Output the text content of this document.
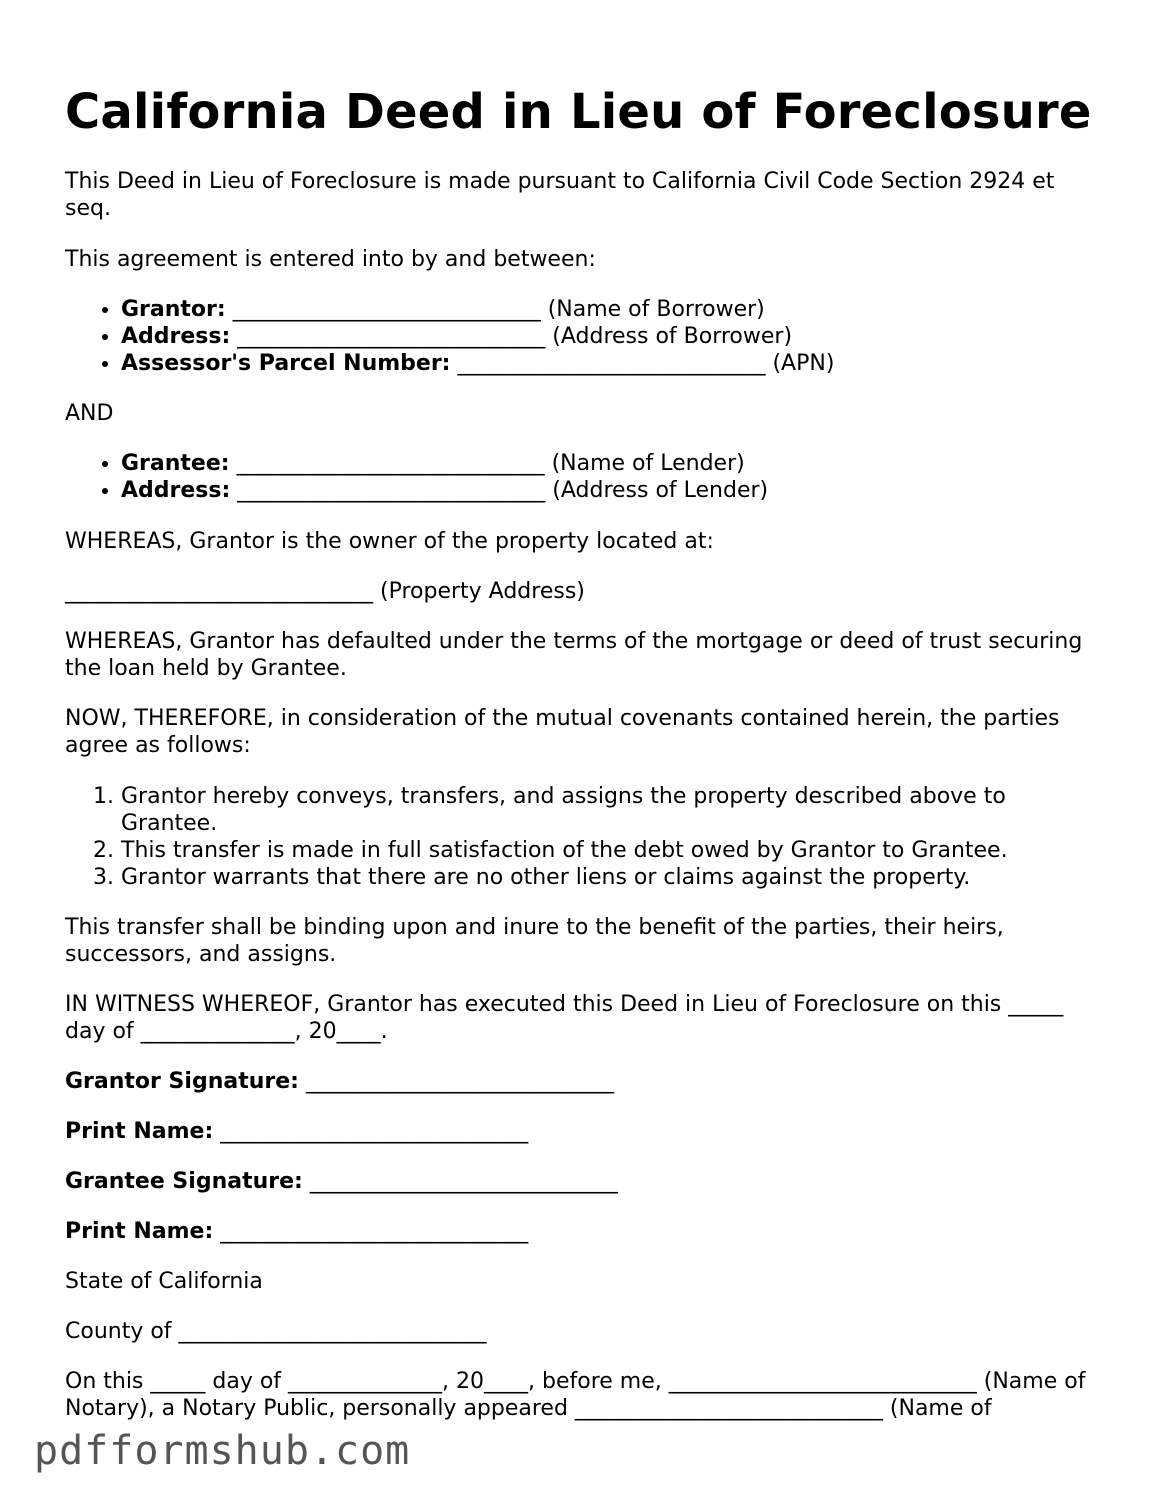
California Deed in Lieu of Foreclosure

This Deed in Lieu of Foreclosure is made pursuant to California Civil Code Section 2924 et seq.

This agreement is entered into by and between:

• Grantor: ____________________________ (Name of Borrower)
• Address: ____________________________ (Address of Borrower)
• Assessor's Parcel Number: ____________________________ (APN)

AND

• Grantee: ____________________________ (Name of Lender)
• Address: ____________________________ (Address of Lender)

WHEREAS, Grantor is the owner of the property located at:

____________________________ (Property Address)

WHEREAS, Grantor has defaulted under the terms of the mortgage or deed of trust securing the loan held by Grantee.

NOW, THEREFORE, in consideration of the mutual covenants contained herein, the parties agree as follows:

1. Grantor hereby conveys, transfers, and assigns the property described above to Grantee.
2. This transfer is made in full satisfaction of the debt owed by Grantor to Grantee.
3. Grantor warrants that there are no other liens or claims against the property.

This transfer shall be binding upon and inure to the benefit of the parties, their heirs, successors, and assigns.

IN WITNESS WHEREOF, Grantor has executed this Deed in Lieu of Foreclosure on this _____ day of ______________, 20____.

Grantor Signature: ____________________________

Print Name: ____________________________

Grantee Signature: ____________________________

Print Name: ____________________________

State of California

County of ____________________________

On this _____ day of ______________, 20____, before me, ____________________________ (Name of Notary), a Notary Public, personally appeared ____________________________ (Name of

pdfformshub.com
